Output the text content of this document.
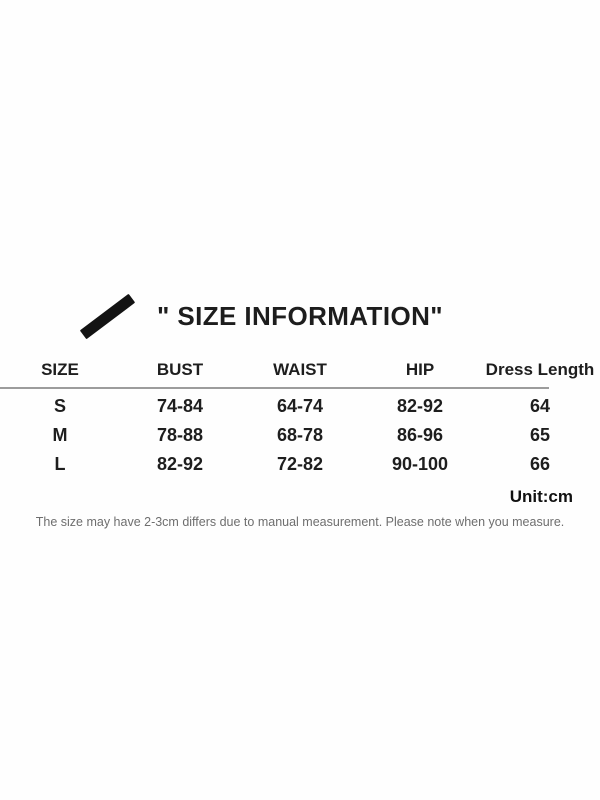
" SIZE INFORMATION"
SIZE	BUST	WAIST	HIP	Dress Length
S	74-84	64-74	82-92	64
M	78-88	68-78	86-96	65
L	82-92	72-82	90-100	66
Unit:cm
The size may have 2-3cm differs due to manual measurement. Please note when you measure.
